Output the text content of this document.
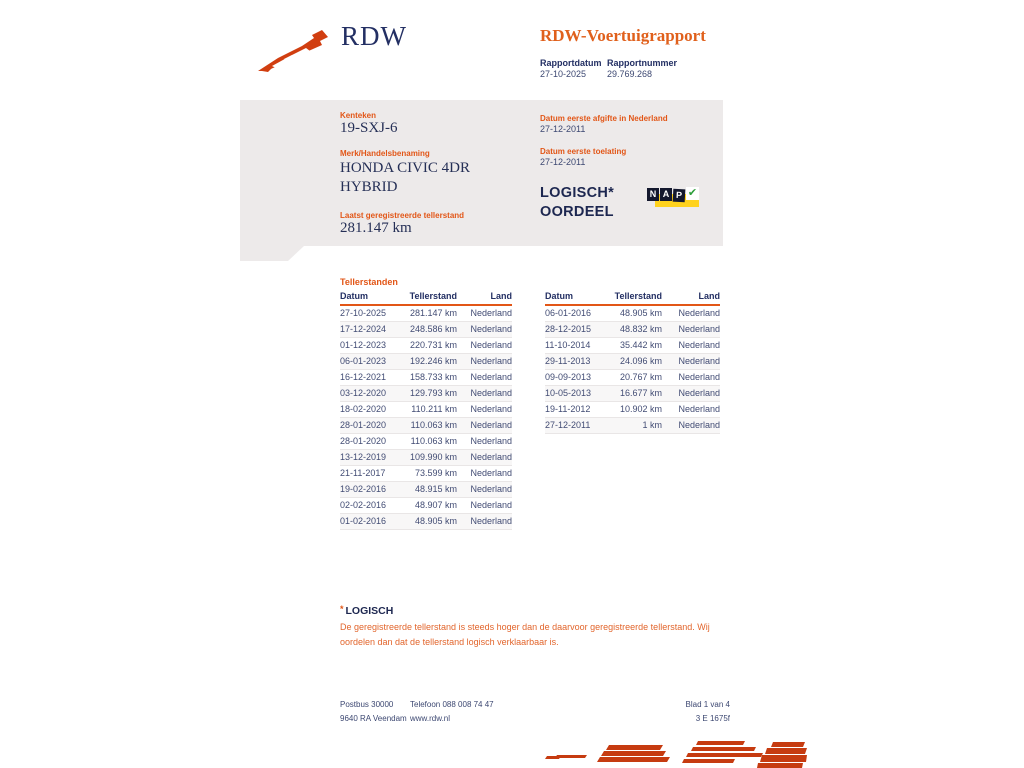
RDW	RDW-Voertuigrapport
Rapportdatum Rapportnummer
27-10-2025 29.769.268
Kenteken
19-SXJ-6
Merk/Handelsbenaming
HONDA CIVIC 4DR HYBRID
Laatst geregistreerde tellerstand
281.147 km
Datum eerste afgifte in Nederland
27-12-2011
Datum eerste toelating
27-12-2011
LOGISCH*
OORDEEL
N A P ✔
Tellerstanden
Datum	Tellerstand	Land
27-10-2025	281.147 km	Nederland
17-12-2024	248.586 km	Nederland
01-12-2023	220.731 km	Nederland
06-01-2023	192.246 km	Nederland
16-12-2021	158.733 km	Nederland
03-12-2020	129.793 km	Nederland
18-02-2020	110.211 km	Nederland
28-01-2020	110.063 km	Nederland
28-01-2020	110.063 km	Nederland
13-12-2019	109.990 km	Nederland
21-11-2017	73.599 km	Nederland
19-02-2016	48.915 km	Nederland
02-02-2016	48.907 km	Nederland
01-02-2016	48.905 km	Nederland
Datum	Tellerstand	Land
06-01-2016	48.905 km	Nederland
28-12-2015	48.832 km	Nederland
11-10-2014	35.442 km	Nederland
29-11-2013	24.096 km	Nederland
09-09-2013	20.767 km	Nederland
10-05-2013	16.677 km	Nederland
19-11-2012	10.902 km	Nederland
27-12-2011	1 km	Nederland
* LOGISCH
De geregistreerde tellerstand is steeds hoger dan de daarvoor geregistreerde tellerstand. Wij oordelen dan dat de tellerstand logisch verklaarbaar is.
Postbus 30000
9640 RA Veendam
Telefoon 088 008 74 47
www.rdw.nl
Blad 1 van 4
3 E 1675f
